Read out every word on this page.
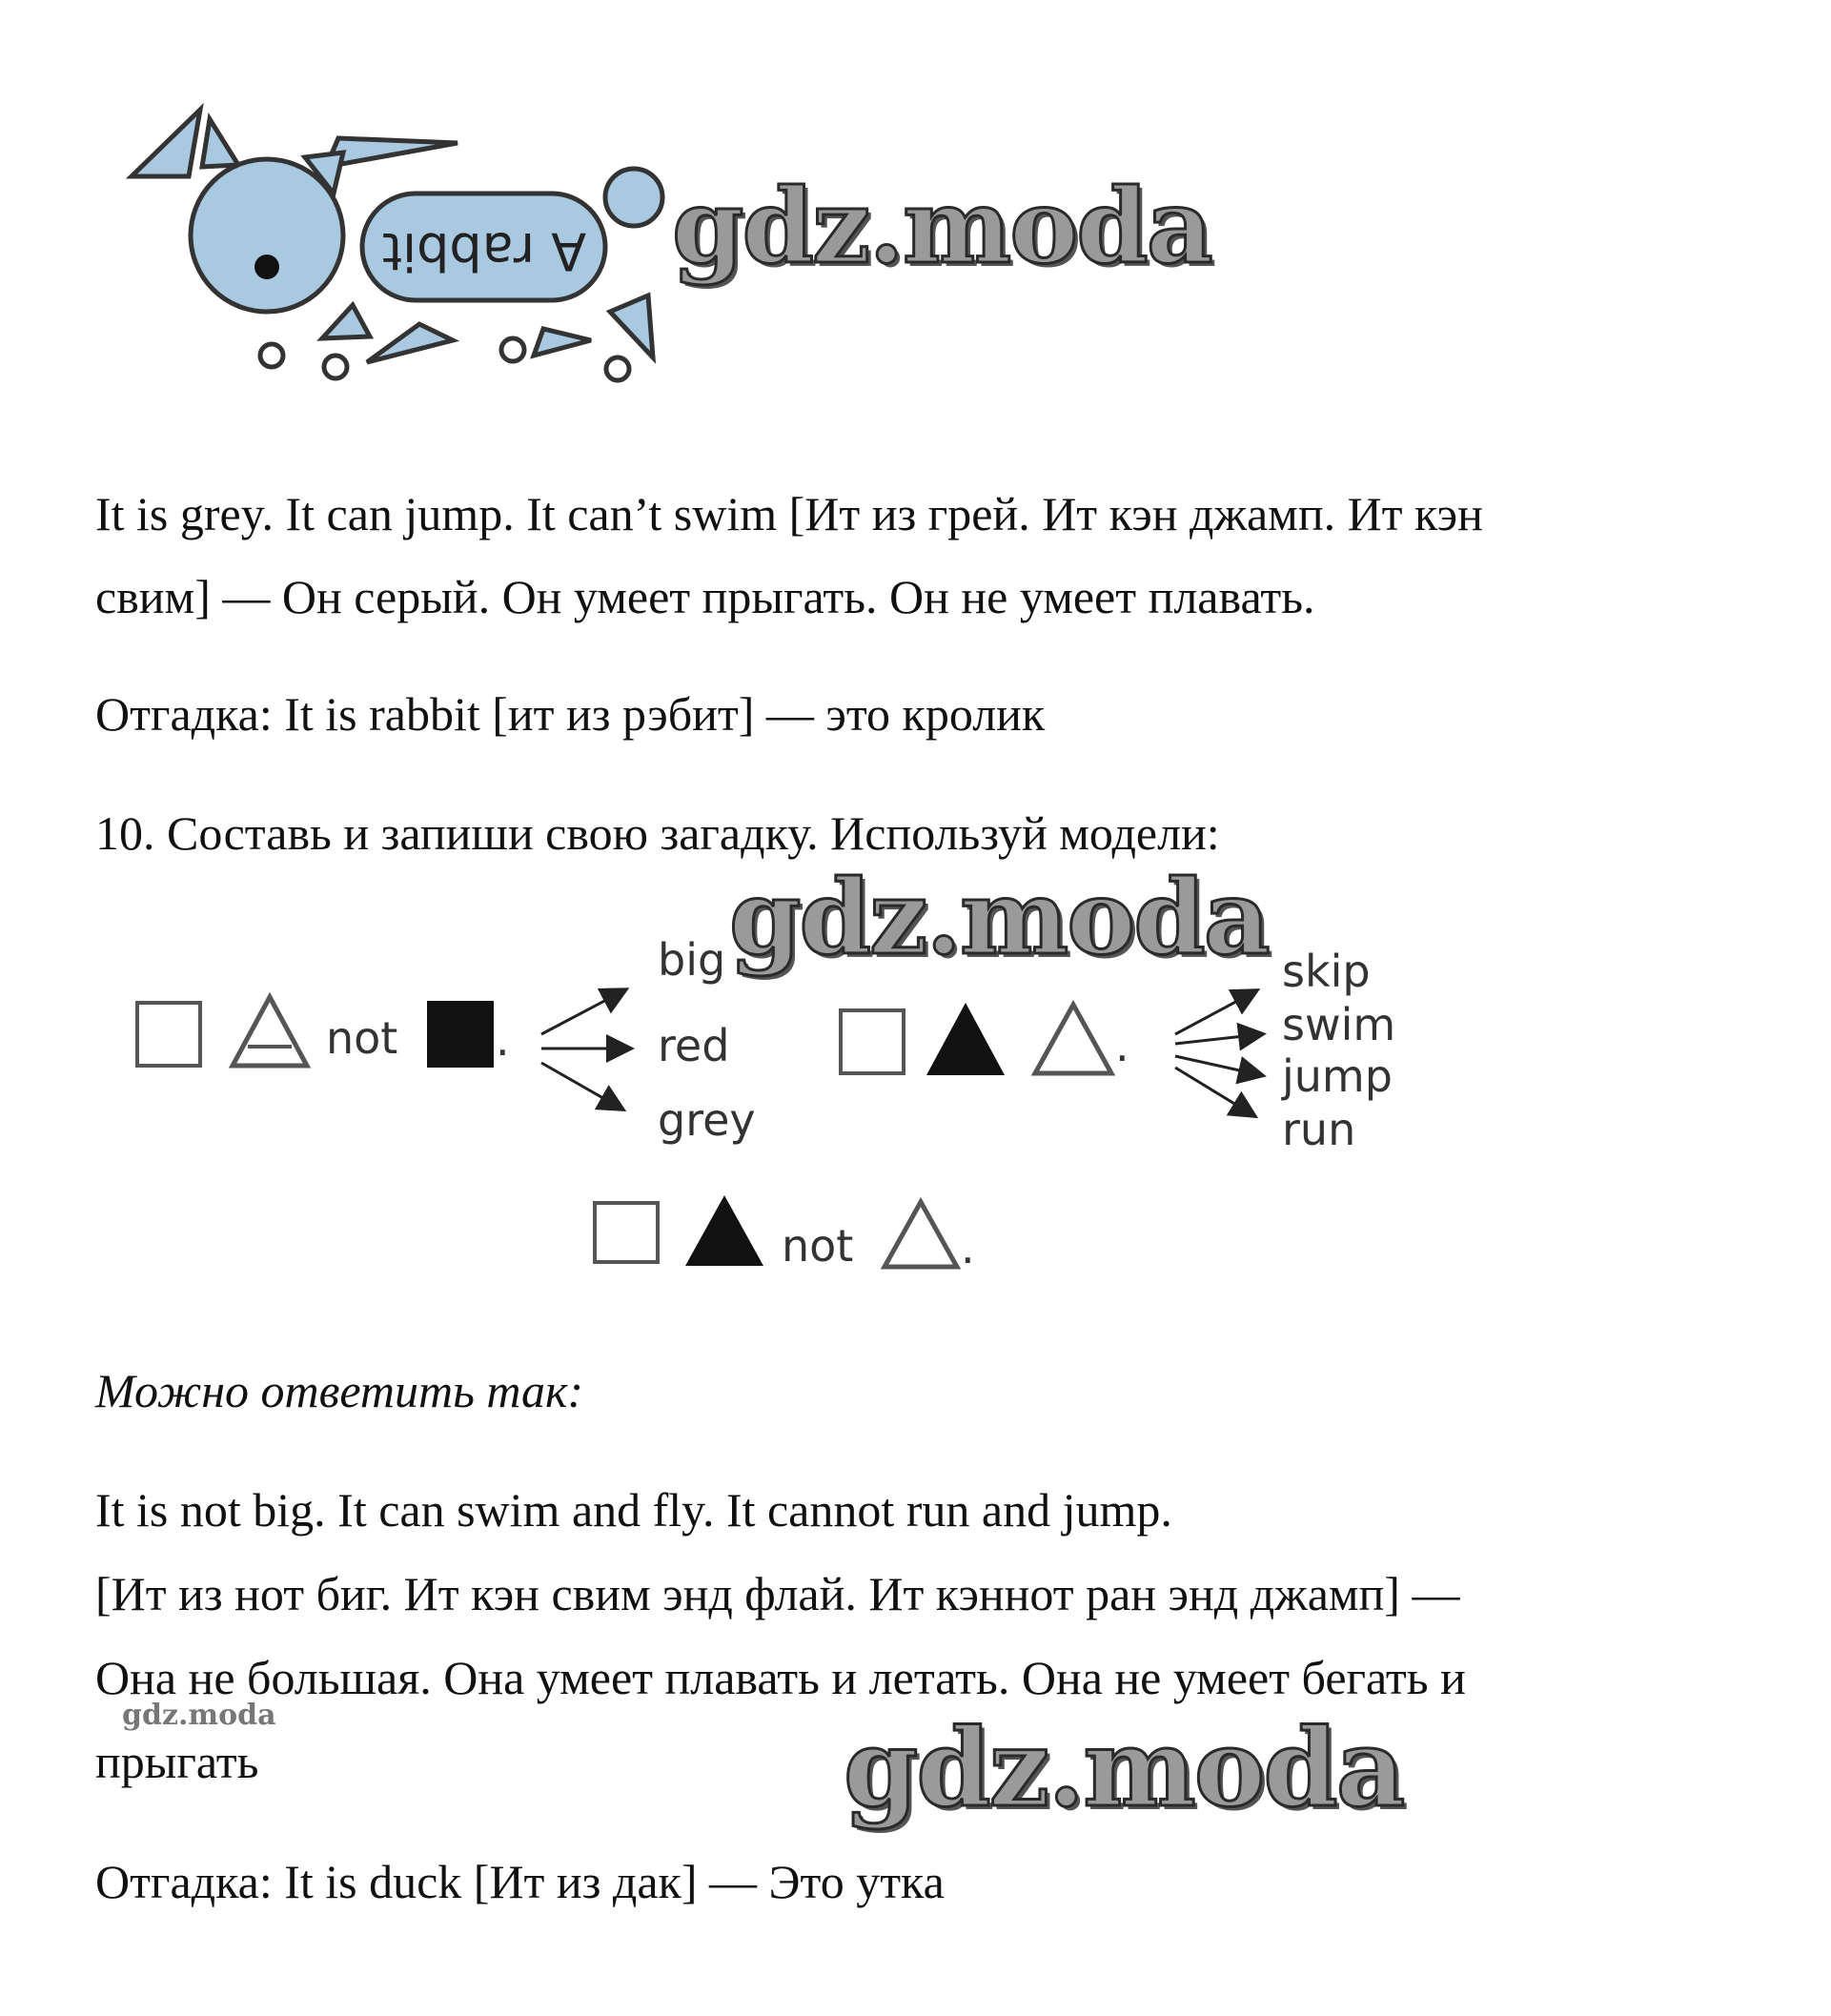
A rabbit gdz.moda
It is grey. It can jump. It can’t swim [Ит из грей. Ит кэн джамп. Ит кэн
свим] — Он серый. Он умеет прыгать. Он не умеет плавать.
Отгадка: It is rabbit [ит из рэбит] — это кролик
10. Составь и запиши свою загадку. Используй модели:
gdz.moda
not .
big
red
grey
.
skip
swim
jump
run
not .
Можно ответить так:
It is not big. It can swim and fly. It cannot run and jump.
[Ит из нот биг. Ит кэн свим энд флай. Ит кэннот ран энд джамп] —
Она не большая. Она умеет плавать и летать. Она не умеет бегать и
gdz.moda
прыгать	gdz.moda
Отгадка: It is duck [Ит из дак] — Это утка
